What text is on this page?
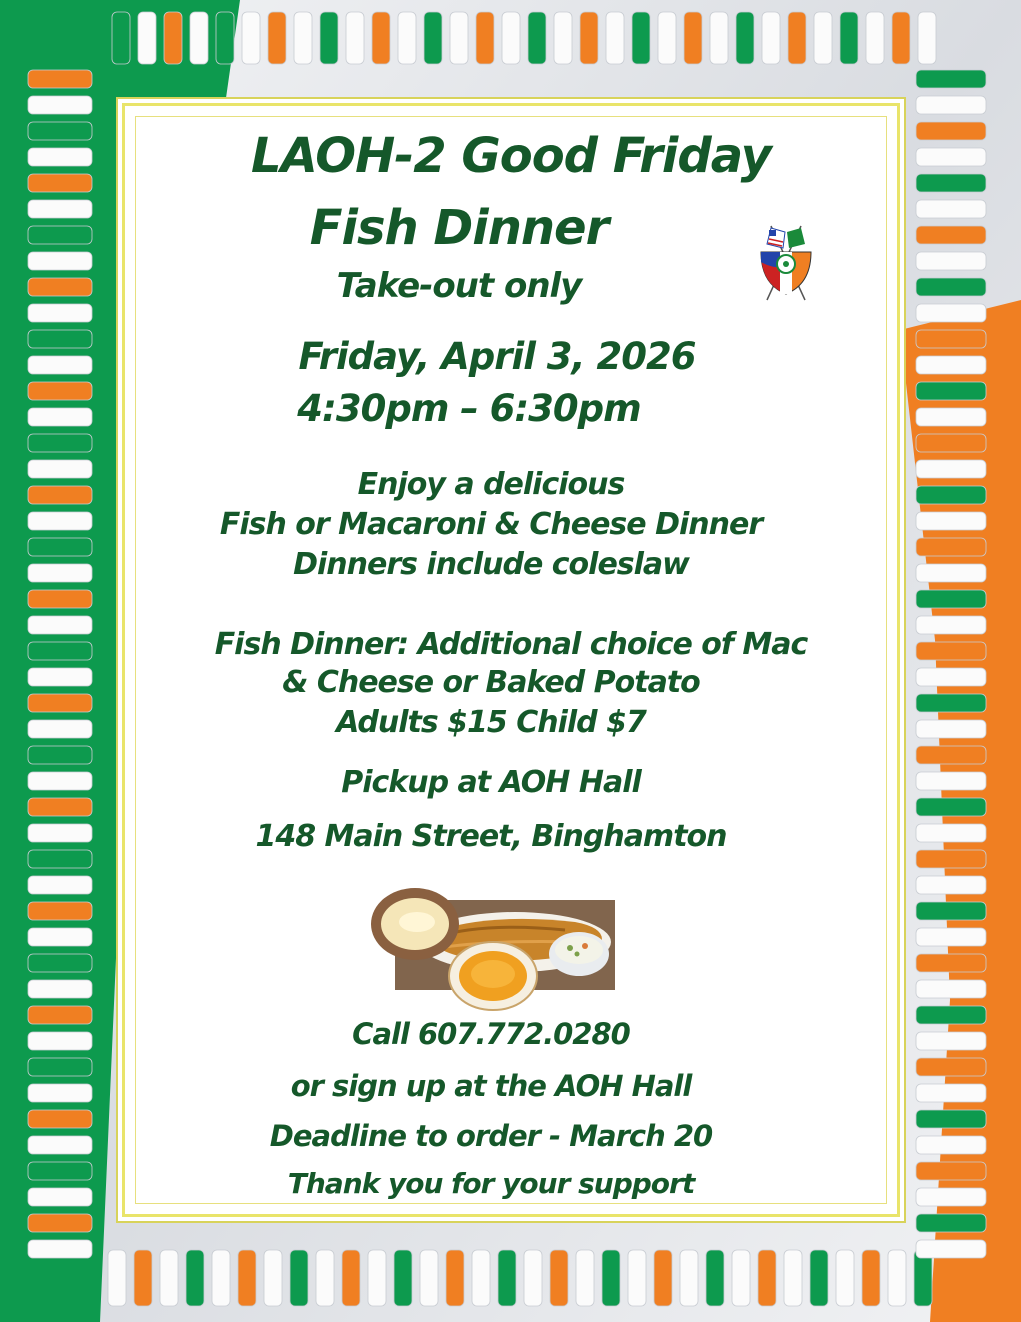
LAOH-2 Good Friday
Fish Dinner
Take-out only
Friday, April 3, 2026
4:30pm – 6:30pm
Enjoy a delicious
Fish or Macaroni & Cheese Dinner
Dinners include coleslaw
Fish Dinner: Additional choice of Mac
& Cheese or Baked Potato
Adults $15 Child $7
Pickup at AOH Hall
148 Main Street, Binghamton
Call 607.772.0280
or sign up at the AOH Hall
Deadline to order - March 20
Thank you for your support
